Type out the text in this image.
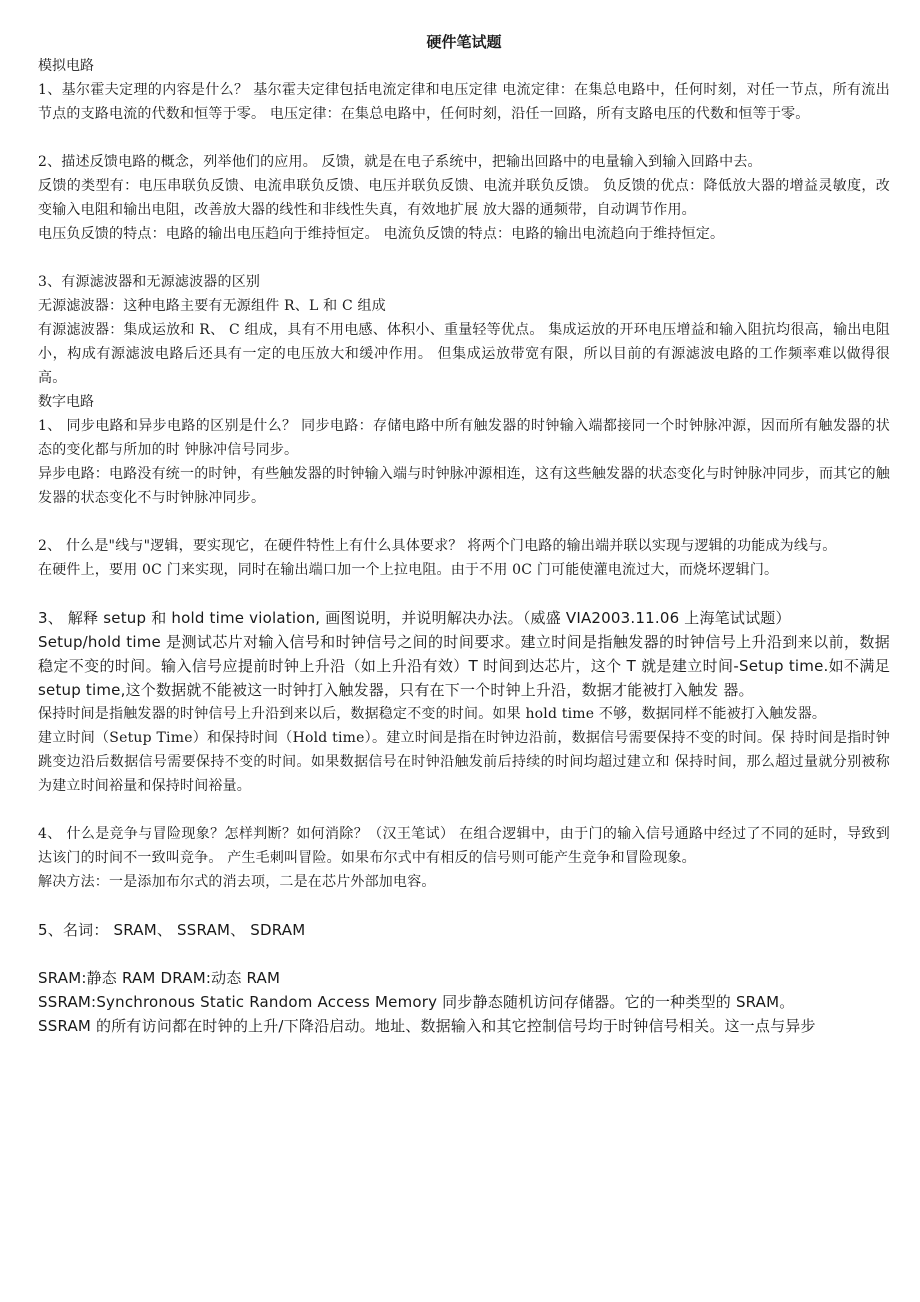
硬件笔试题
模拟电路

1、基尔霍夫定理的内容是什么？ 基尔霍夫定律包括电流定律和电压定律 电流定律：在集总电路中，任何时刻，对任一节点，所有流出节点的支路电流的代数和恒等于零。 电压定律：在集总电路中，任何时刻，沿任一回路，所有支路电压的代数和恒等于零。

2、描述反馈电路的概念，列举他们的应用。 反馈，就是在电子系统中，把输出回路中的电量输入到输入回路中去。

反馈的类型有：电压串联负反馈、电流串联负反馈、电压并联负反馈、电流并联负反馈。 负反馈的优点：降低放大器的增益灵敏度，改变输入电阻和输出电阻，改善放大器的线性和非线性失真，有效地扩展 放大器的通频带，自动调节作用。

电压负反馈的特点：电路的输出电压趋向于维持恒定。 电流负反馈的特点：电路的输出电流趋向于维持恒定。

3、有源滤波器和无源滤波器的区别

无源滤波器：这种电路主要有无源组件 R、L 和 C 组成

有源滤波器：集成运放和 R、 C 组成，具有不用电感、体积小、重量轻等优点。 集成运放的开环电压增益和输入阻抗均很高，输出电阻小，构成有源滤波电路后还具有一定的电压放大和缓冲作用。 但集成运放带宽有限，所以目前的有源滤波电路的工作频率难以做得很高。

数字电路

1、 同步电路和异步电路的区别是什么？ 同步电路：存储电路中所有触发器的时钟输入端都接同一个时钟脉冲源，因而所有触发器的状态的变化都与所加的时 钟脉冲信号同步。

异步电路：电路没有统一的时钟，有些触发器的时钟输入端与时钟脉冲源相连，这有这些触发器的状态变化与时钟脉冲同步，而其它的触发器的状态变化不与时钟脉冲同步。

2、 什么是"线与"逻辑，要实现它，在硬件特性上有什么具体要求？ 将两个门电路的输出端并联以实现与逻辑的功能成为线与。

在硬件上，要用 0C 门来实现，同时在输出端口加一个上拉电阻。由于不用 0C 门可能使灌电流过大，而烧坏逻辑门。

3、 解释 setup 和 hold time violation, 画图说明，并说明解决办法。（威盛 VIA2003.11.06 上海笔试试题）

Setup/hold time 是测试芯片对输入信号和时钟信号之间的时间要求。建立时间是指触发器的时钟信号上升沿到来以前，数据稳定不变的时间。输入信号应提前时钟上升沿（如上升沿有效）T 时间到达芯片，这个 T 就是建立时间-Setup time.如不满足 setup time,这个数据就不能被这一时钟打入触发器，只有在下一个时钟上升沿，数据才能被打入触发 器。

保持时间是指触发器的时钟信号上升沿到来以后，数据稳定不变的时间。如果 hold time 不够，数据同样不能被打入触发器。

建立时间（Setup Time）和保持时间（Hold time）。建立时间是指在时钟边沿前，数据信号需要保持不变的时间。保 持时间是指时钟跳变边沿后数据信号需要保持不变的时间。如果数据信号在时钟沿触发前后持续的时间均超过建立和 保持时间，那么超过量就分别被称为建立时间裕量和保持时间裕量。

4、 什么是竞争与冒险现象？怎样判断？如何消除？（汉王笔试） 在组合逻辑中，由于门的输入信号通路中经过了不同的延时，导致到达该门的时间不一致叫竞争。 产生毛刺叫冒险。如果布尔式中有相反的信号则可能产生竞争和冒险现象。

解决方法：一是添加布尔式的消去项，二是在芯片外部加电容。

5、名词： SRAM、 SSRAM、 SDRAM

SRAM:静态 RAM DRAM:动态 RAM

SSRAM:Synchronous Static Random Access Memory 同步静态随机访问存储器。它的一种类型的 SRAM。

SSRAM 的所有访问都在时钟的上升/下降沿启动。地址、数据输入和其它控制信号均于时钟信号相关。这一点与异步
